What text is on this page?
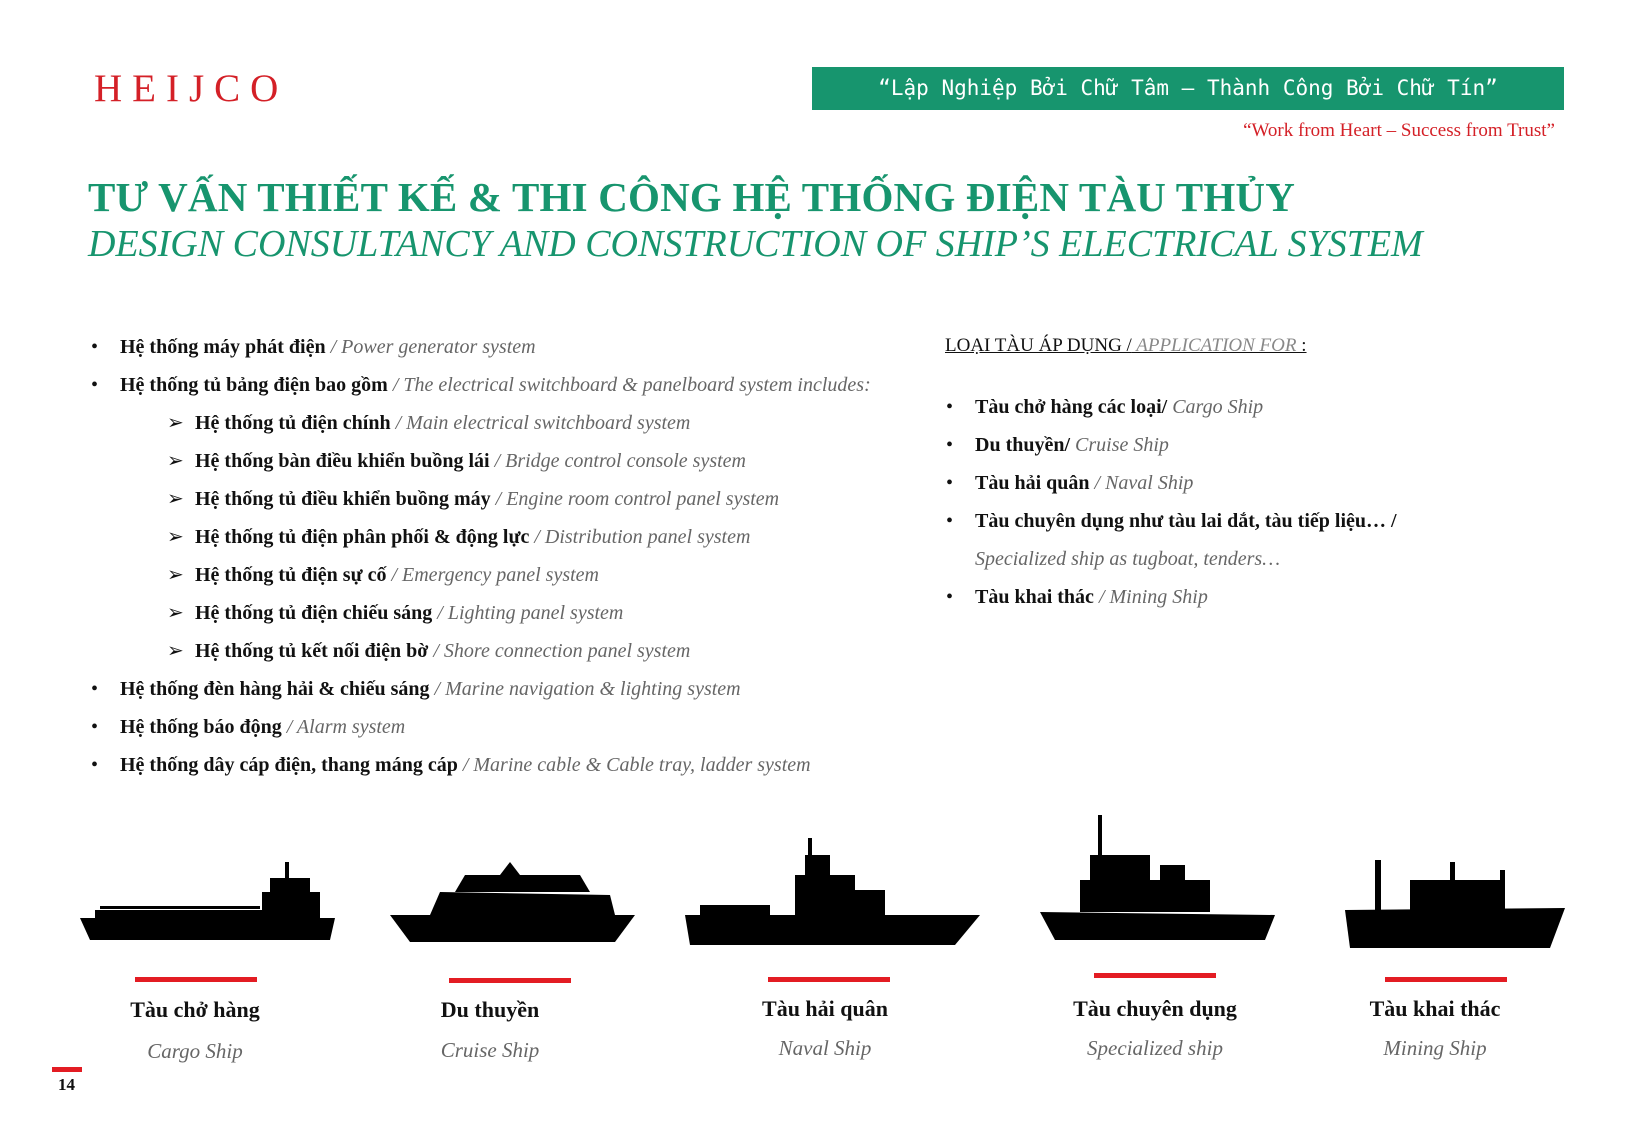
HEIJCO	“Lập Nghiệp Bởi Chữ Tâm – Thành Công Bởi Chữ Tín”
“Work from Heart – Success from Trust”
TƯ VẤN THIẾT KẾ & THI CÔNG HỆ THỐNG ĐIỆN TÀU THỦY
DESIGN CONSULTANCY AND CONSTRUCTION OF SHIP’S ELECTRICAL SYSTEM
• Hệ thống máy phát điện / Power generator system
• Hệ thống tủ bảng điện bao gồm / The electrical switchboard & panelboard system includes:
➢ Hệ thống tủ điện chính / Main electrical switchboard system
➢ Hệ thống bàn điều khiển buồng lái / Bridge control console system
➢ Hệ thống tủ điều khiển buồng máy / Engine room control panel system
➢ Hệ thống tủ điện phân phối & động lực / Distribution panel system
➢ Hệ thống tủ điện sự cố / Emergency panel system
➢ Hệ thống tủ điện chiếu sáng / Lighting panel system
➢ Hệ thống tủ kết nối điện bờ / Shore connection panel system
• Hệ thống đèn hàng hải & chiếu sáng / Marine navigation & lighting system
• Hệ thống báo động / Alarm system
• Hệ thống dây cáp điện, thang máng cáp / Marine cable & Cable tray, ladder system
LOẠI TÀU ÁP DỤNG / APPLICATION FOR :
• Tàu chở hàng các loại/ Cargo Ship
• Du thuyền/ Cruise Ship
• Tàu hải quân / Naval Ship
• Tàu chuyên dụng như tàu lai dắt, tàu tiếp liệu… /
Specialized ship as tugboat, tenders…
• Tàu khai thác / Mining Ship
Tàu chở hàng
Cargo Ship
Du thuyền
Cruise Ship
Tàu hải quân
Naval Ship
Tàu chuyên dụng
Specialized ship
Tàu khai thác
Mining Ship
14
